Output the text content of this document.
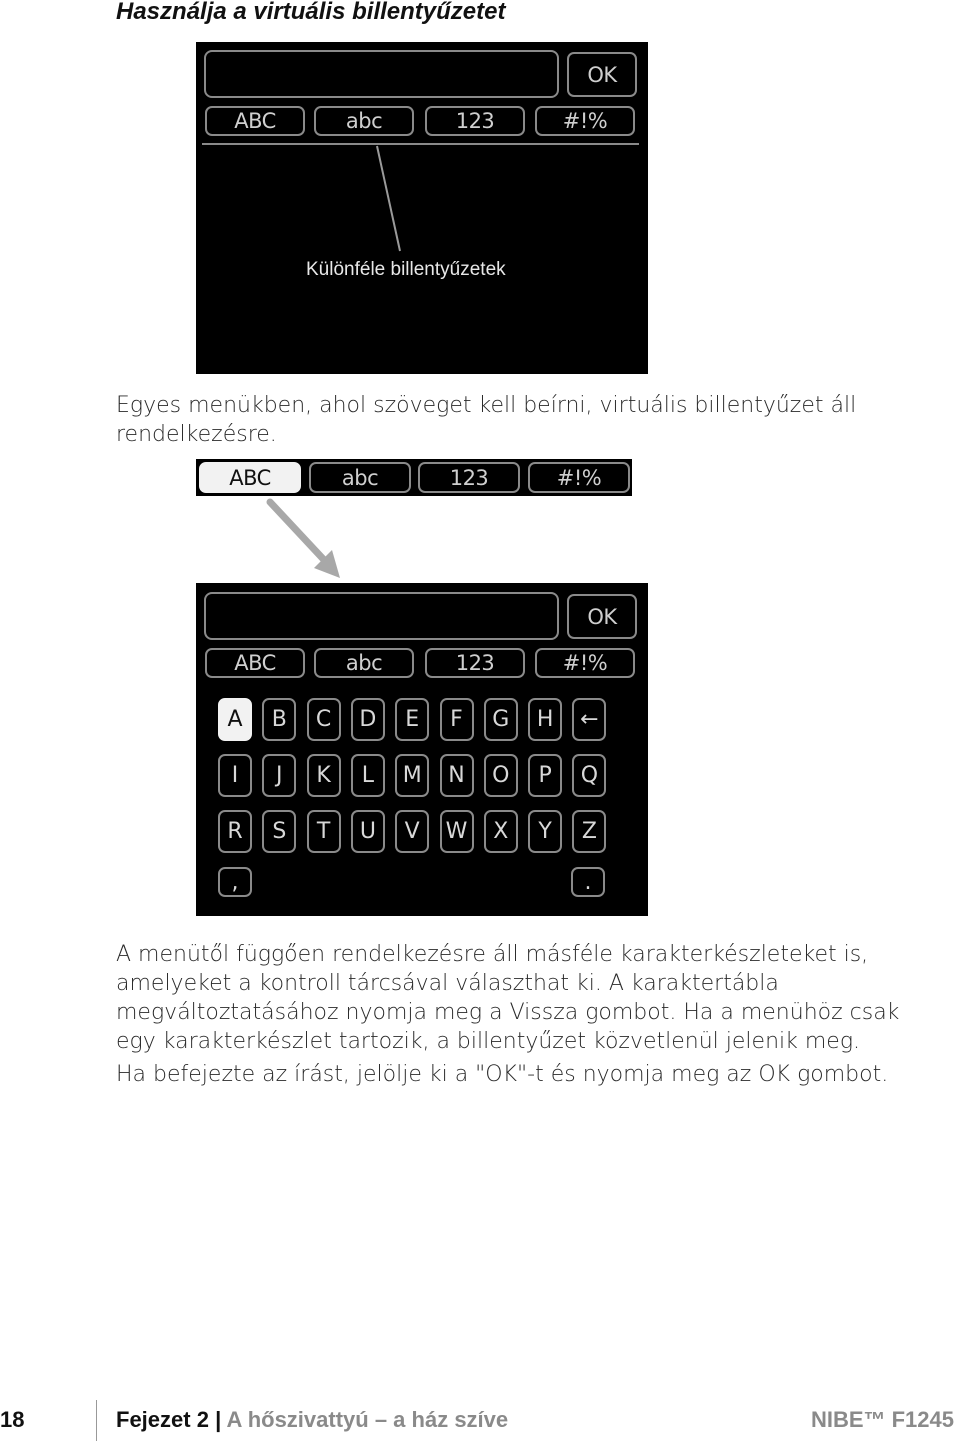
Használja a virtuális billentyűzetet
OK
ABC	abc	123	#!%
Különféle billentyűzetek

Egyes menükben, ahol szöveget kell beírni, virtuális billentyűzet áll rendelkezésre.

ABC	abc	123	#!%
OK
ABC	abc	123	#!%
A	B	C	D	E	F	G	H	←
I	J	K	L	M	N	O	P	Q
R	S	T	U	V	W	X	Y	Z
,	.

A menütől függően rendelkezésre áll másféle karakterkészleteket is, amelyeket a kontroll tárcsával választhat ki. A karaktertábla megváltoztatásához nyomja meg a Vissza gombot. Ha a menühöz csak egy karakterkészlet tartozik, a billentyűzet közvetlenül jelenik meg.

Ha befejezte az írást, jelölje ki a "OK"-t és nyomja meg az OK gombot.

18	Fejezet 2 | A hőszivattyú – a ház szíve	NIBE™ F1245
